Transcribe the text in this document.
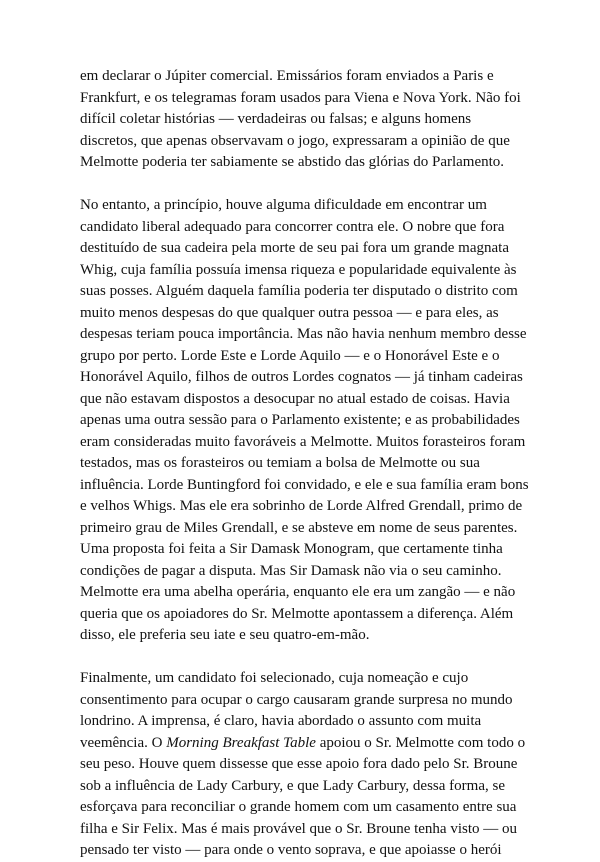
em declarar o Júpiter comercial. Emissários foram enviados a Paris e Frankfurt, e os telegramas foram usados para Viena e Nova York. Não foi difícil coletar histórias — verdadeiras ou falsas; e alguns homens discretos, que apenas observavam o jogo, expressaram a opinião de que Melmotte poderia ter sabiamente se abstido das glórias do Parlamento.

No entanto, a princípio, houve alguma dificuldade em encontrar um candidato liberal adequado para concorrer contra ele. O nobre que fora destituído de sua cadeira pela morte de seu pai fora um grande magnata Whig, cuja família possuía imensa riqueza e popularidade equivalente às suas posses. Alguém daquela família poderia ter disputado o distrito com muito menos despesas do que qualquer outra pessoa — e para eles, as despesas teriam pouca importância. Mas não havia nenhum membro desse grupo por perto. Lorde Este e Lorde Aquilo — e o Honorável Este e o Honorável Aquilo, filhos de outros Lordes cognatos — já tinham cadeiras que não estavam dispostos a desocupar no atual estado de coisas. Havia apenas uma outra sessão para o Parlamento existente; e as probabilidades eram consideradas muito favoráveis a Melmotte. Muitos forasteiros foram testados, mas os forasteiros ou temiam a bolsa de Melmotte ou sua influência. Lorde Buntingford foi convidado, e ele e sua família eram bons e velhos Whigs. Mas ele era sobrinho de Lorde Alfred Grendall, primo de primeiro grau de Miles Grendall, e se absteve em nome de seus parentes. Uma proposta foi feita a Sir Damask Monogram, que certamente tinha condições de pagar a disputa. Mas Sir Damask não via o seu caminho. Melmotte era uma abelha operária, enquanto ele era um zangão — e não queria que os apoiadores do Sr. Melmotte apontassem a diferença. Além disso, ele preferia seu iate e seu quatro-em-mão.

Finalmente, um candidato foi selecionado, cuja nomeação e cujo consentimento para ocupar o cargo causaram grande surpresa no mundo londrino. A imprensa, é claro, havia abordado o assunto com muita veemência. O Morning Breakfast Table apoiou o Sr. Melmotte com todo o seu peso. Houve quem dissesse que esse apoio fora dado pelo Sr. Broune sob a influência de Lady Carbury, e que Lady Carbury, dessa forma, se esforçava para reconciliar o grande homem com um casamento entre sua filha e Sir Felix. Mas é mais provável que o Sr. Broune tenha visto — ou pensado ter visto — para onde o vento soprava, e que apoiasse o herói
